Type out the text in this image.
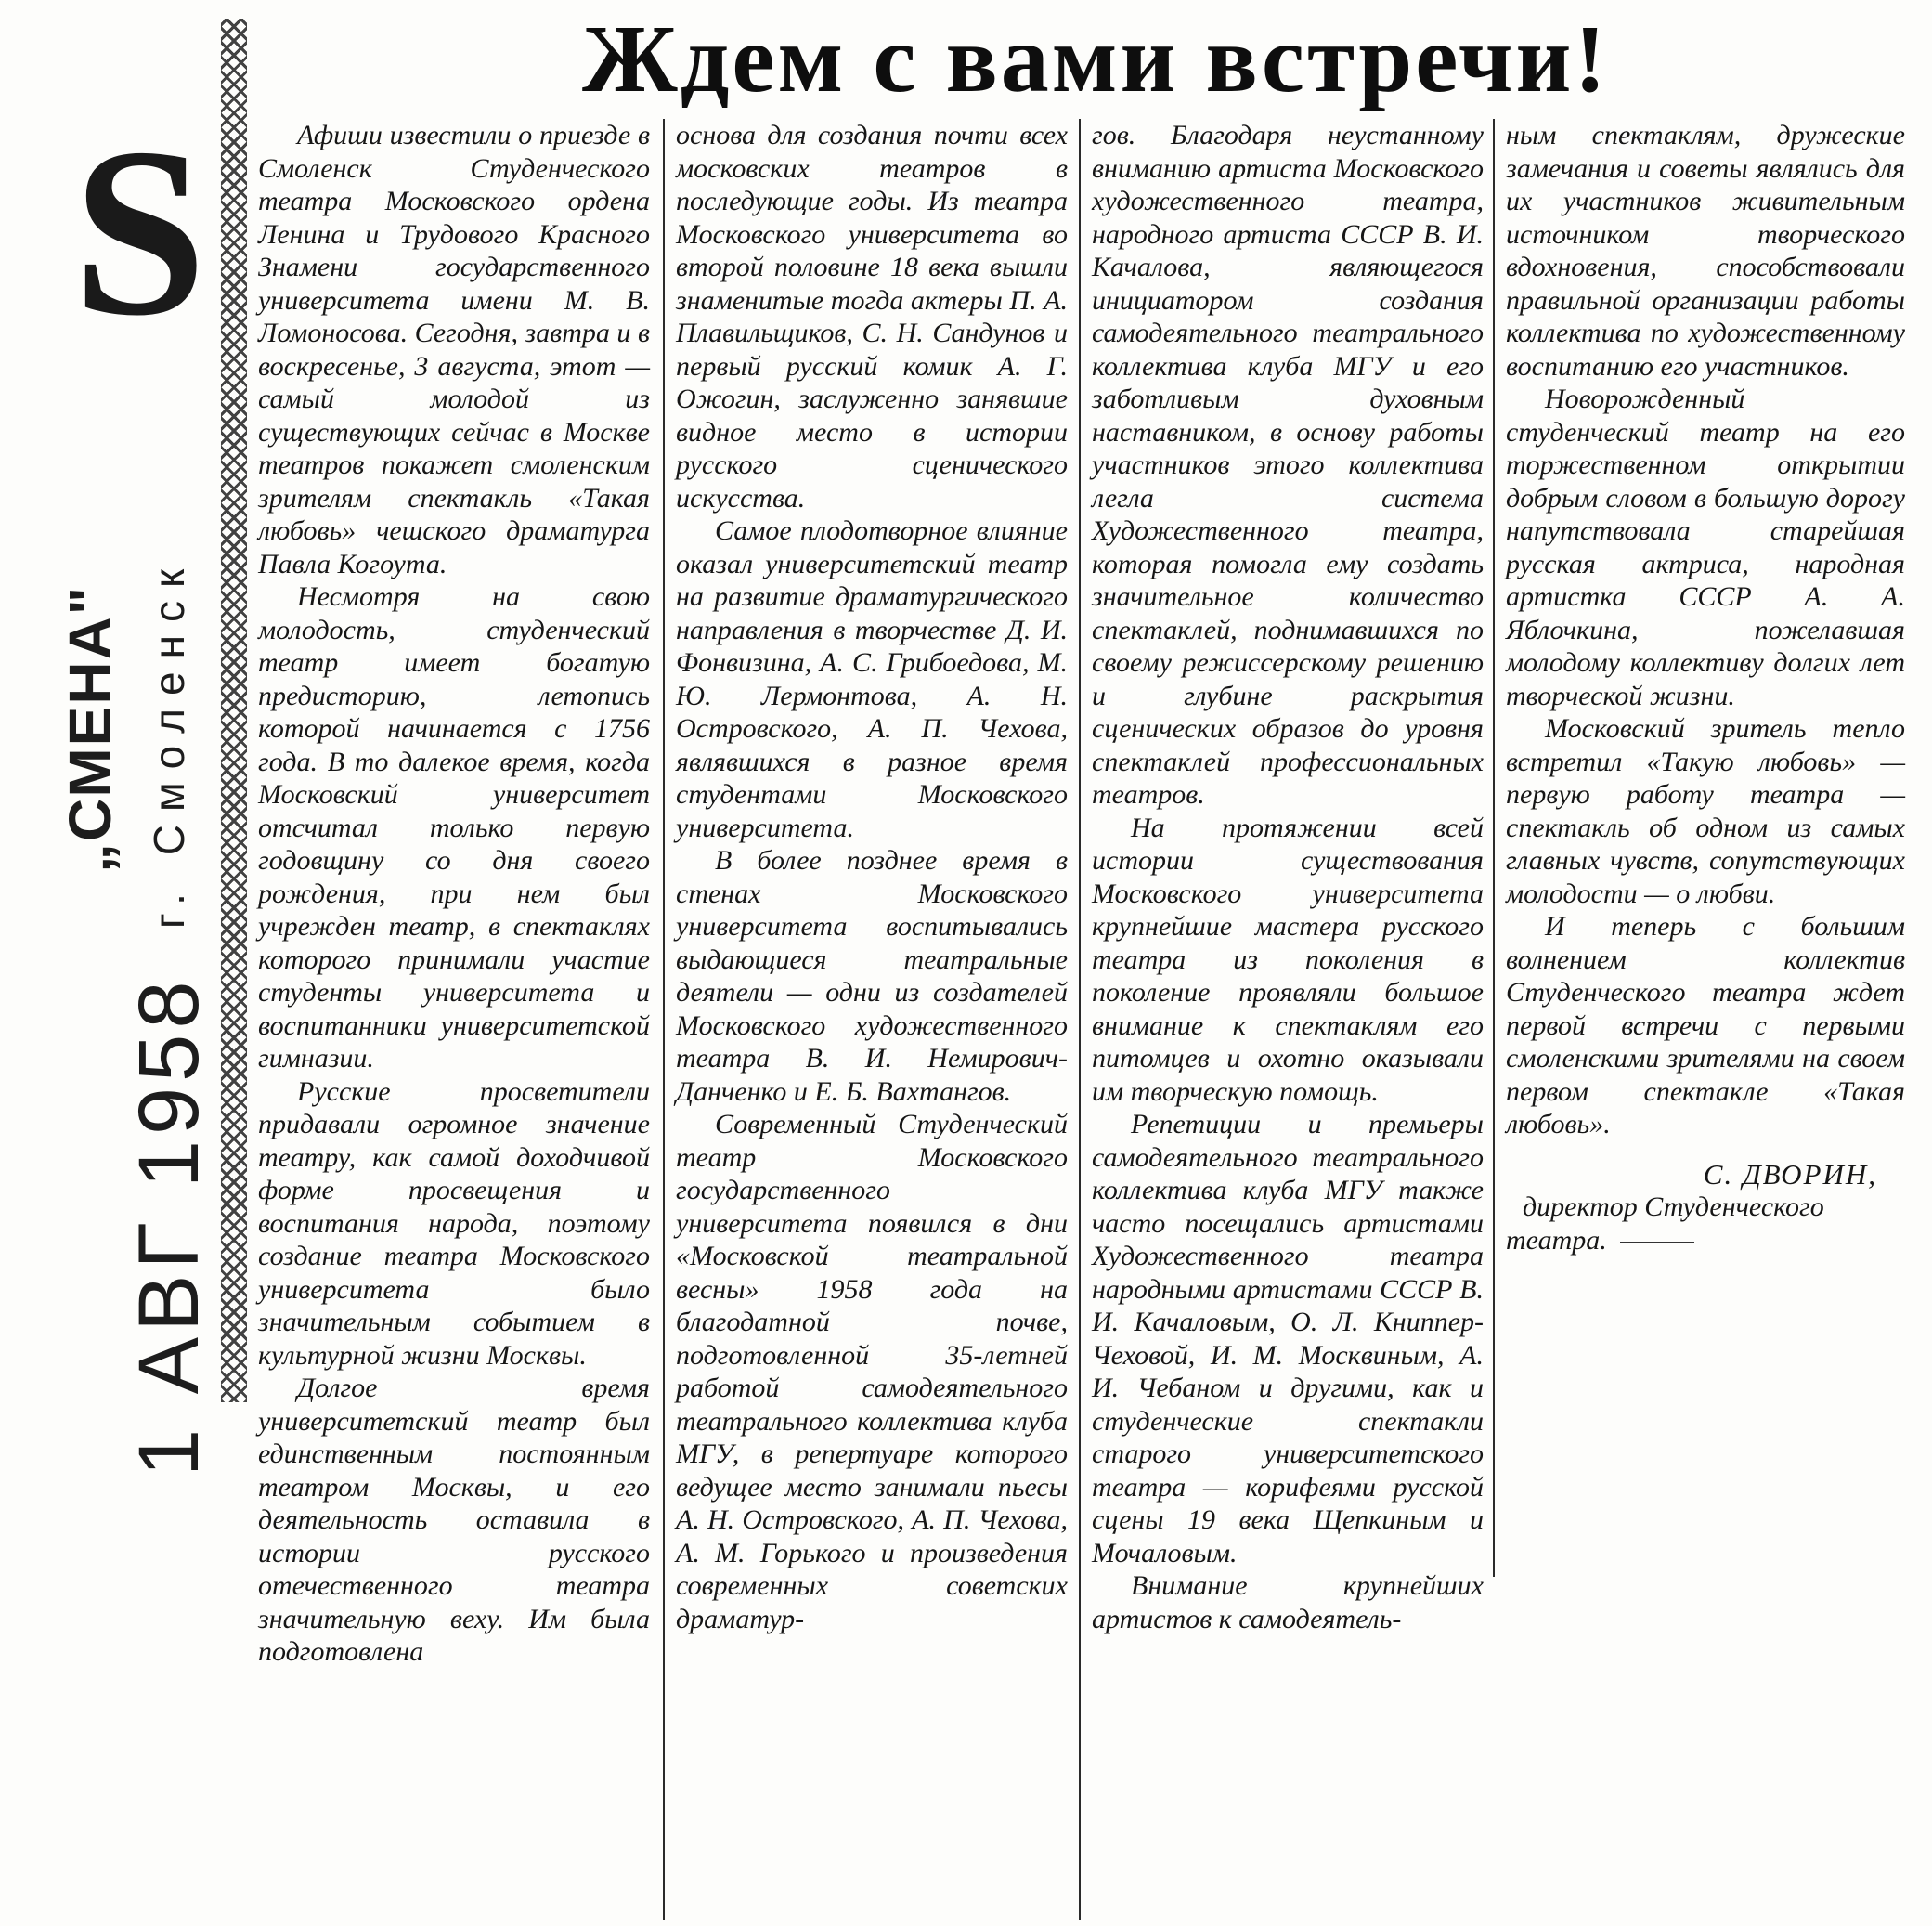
S
„СМЕНА" г. Смоленск
1 АВГ 1958
Ждем с вами встречи!

Афиши известили о приезде в Смоленск Студенческого театра Московского ордена Ленина и Трудового Красного Знамени государственного университета имени М. В. Ломоносова. Сегодня, завтра и в воскресенье, 3 августа, этот — самый молодой из существующих сейчас в Москве театров покажет смоленским зрителям спектакль «Такая любовь» чешского драматурга Павла Когоута.

Несмотря на свою молодость, студенческий театр имеет богатую предисторию, летопись которой начинается с 1756 года. В то далекое время, когда Московский университет отсчитал только первую годовщину со дня своего рождения, при нем был учрежден театр, в спектаклях которого принимали участие студенты университета и воспитанники университетской гимназии.

Русские просветители придавали огромное значение театру, как самой доходчивой форме просвещения и воспитания народа, поэтому создание театра Московского университета было значительным событием в культурной жизни Москвы.

Долгое время университетский театр был единственным постоянным театром Москвы, и его деятельность оставила в истории русского отечественного театра значительную веху. Им была подготовлена

основа для создания почти всех московских театров в последующие годы. Из театра Московского университета во второй половине 18 века вышли знаменитые тогда актеры П. А. Плавильщиков, С. Н. Сандунов и первый русский комик А. Г. Ожогин, заслуженно занявшие видное место в истории русского сценического искусства.

Самое плодотворное влияние оказал университетский театр на развитие драматургического направления в творчестве Д. И. Фонвизина, А. С. Грибоедова, М. Ю. Лермонтова, А. Н. Островского, А. П. Чехова, являвшихся в разное время студентами Московского университета.

В более позднее время в стенах Московского университета воспитывались выдающиеся театральные деятели — одни из создателей Московского художественного театра В. И. Немирович-Данченко и Е. Б. Вахтангов.

Современный Студенческий театр Московского государственного университета появился в дни «Московской театральной весны» 1958 года на благодатной почве, подготовленной 35-летней работой самодеятельного театрального коллектива клуба МГУ, в репертуаре которого ведущее место занимали пьесы А. Н. Островского, А. П. Чехова, А. М. Горького и произведения современных советских драматур-

гов. Благодаря неустанному вниманию артиста Московского художественного театра, народного артиста СССР В. И. Качалова, являющегося инициатором создания самодеятельного театрального коллектива клуба МГУ и его заботливым духовным наставником, в основу работы участников этого коллектива легла система Художественного театра, которая помогла ему создать значительное количество спектаклей, поднимавшихся по своему режиссерскому решению и глубине раскрытия сценических образов до уровня спектаклей профессиональных театров.

На протяжении всей истории существования Московского университета крупнейшие мастера русского театра из поколения в поколение проявляли большое внимание к спектаклям его питомцев и охотно оказывали им творческую помощь.

Репетиции и премьеры самодеятельного театрального коллектива клуба МГУ также часто посещались артистами Художественного театра народными артистами СССР В. И. Качаловым, О. Л. Книппер-Чеховой, И. М. Москвиным, А. И. Чебаном и другими, как и студенческие спектакли старого университетского театра — корифеями русской сцены 19 века Щепкиным и Мочаловым.

Внимание крупнейших артистов к самодеятель-

ным спектаклям, дружеские замечания и советы являлись для их участников живительным источником творческого вдохновения, способствовали правильной организации работы коллектива по художественному воспитанию его участников.

Новорожденный студенческий театр на его торжественном открытии добрым словом в большую дорогу напутствовала старейшая русская актриса, народная артистка СССР А. А. Яблочкина, пожелавшая молодому коллективу долгих лет творческой жизни.

Московский зритель тепло встретил «Такую любовь» — первую работу театра — спектакль об одном из самых главных чувств, сопутствующих молодости — о любви.

И теперь с большим волнением коллектив Студенческого театра ждет первой встречи с первыми смоленскими зрителями на своем первом спектакле «Такая любовь».

С. ДВОРИН,
директор Студенческого театра.
